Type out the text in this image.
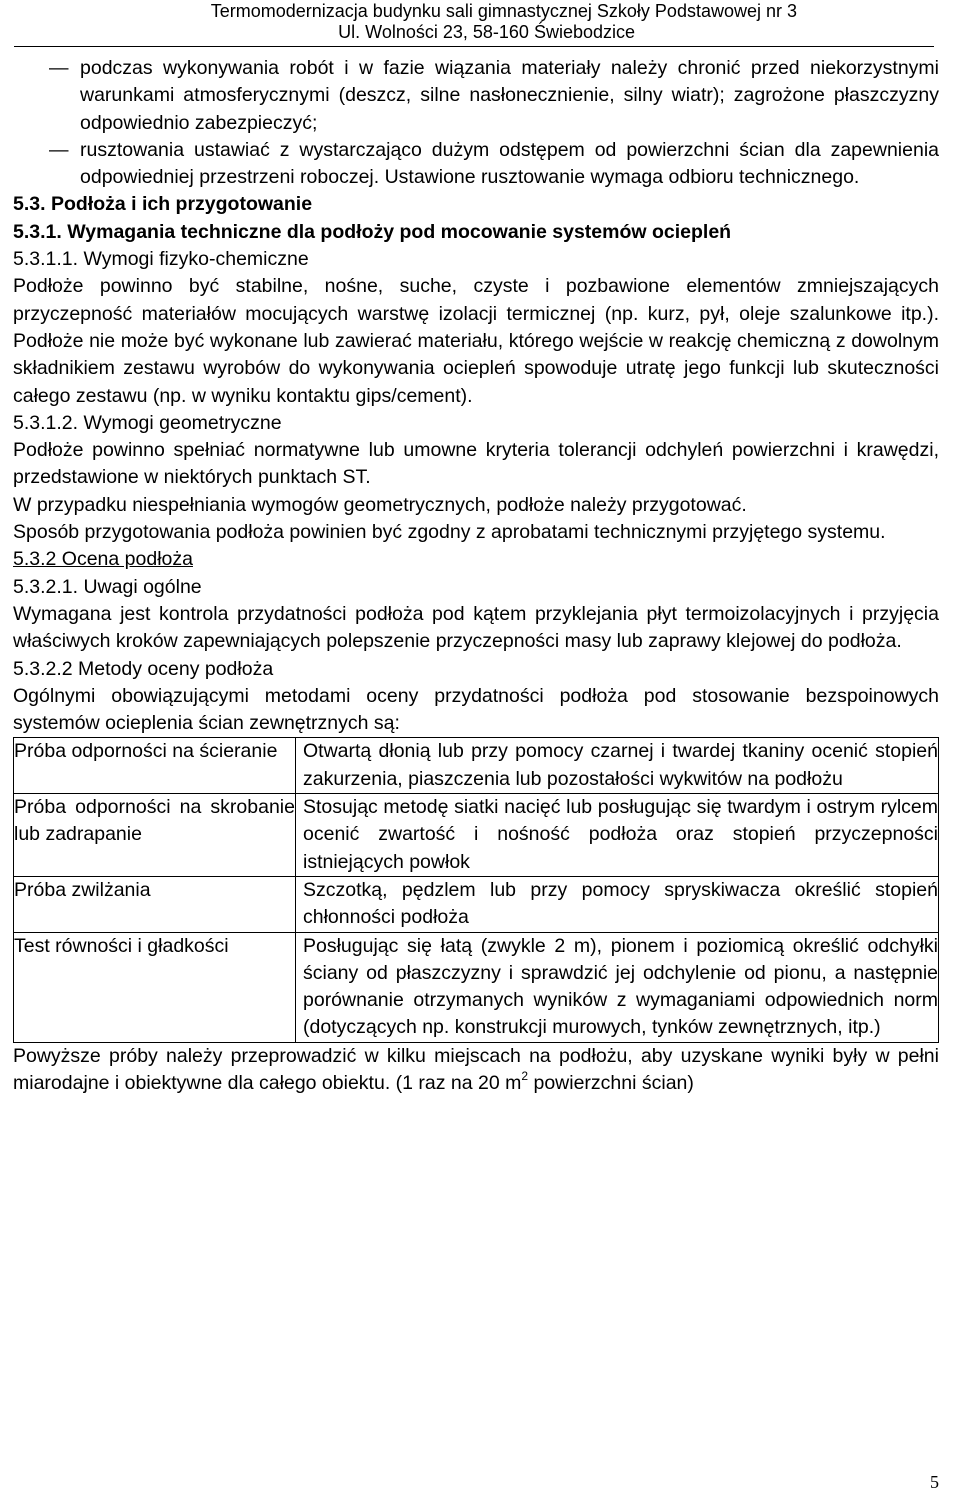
Termomodernizacja budynku sali gimnastycznej Szkoły Podstawowej nr 3
Ul. Wolności 23, 58-160 Świebodzice
— podczas wykonywania robót i w fazie wiązania materiały należy chronić przed niekorzystnymi warunkami atmosferycznymi (deszcz, silne nasłonecznienie, silny wiatr); zagrożone płaszczyzny odpowiednio zabezpieczyć;
— rusztowania ustawiać z wystarczająco dużym odstępem od powierzchni ścian dla zapewnienia odpowiedniej przestrzeni roboczej. Ustawione rusztowanie wymaga odbioru technicznego.

5.3. Podłoża i ich przygotowanie

5.3.1. Wymagania techniczne dla podłoży pod mocowanie systemów ociepleń

5.3.1.1. Wymogi fizyko-chemiczne

Podłoże powinno być stabilne, nośne, suche, czyste i pozbawione elementów zmniejszających przyczepność materiałów mocujących warstwę izolacji termicznej (np. kurz, pył, oleje szalunkowe itp.). Podłoże nie może być wykonane lub zawierać materiału, którego wejście w reakcję chemiczną z dowolnym składnikiem zestawu wyrobów do wykonywania ociepleń spowoduje utratę jego funkcji lub skuteczności całego zestawu (np. w wyniku kontaktu gips/cement).

5.3.1.2. Wymogi geometryczne

Podłoże powinno spełniać normatywne lub umowne kryteria tolerancji odchyleń powierzchni i krawędzi, przedstawione w niektórych punktach ST.

W przypadku niespełniania wymogów geometrycznych, podłoże należy przygotować.

Sposób przygotowania podłoża powinien być zgodny z aprobatami technicznymi przyjętego systemu.

5.3.2 Ocena podłoża

5.3.2.1. Uwagi ogólne

Wymagana jest kontrola przydatności podłoża pod kątem przyklejania płyt termoizolacyjnych i przyjęcia właściwych kroków zapewniających polepszenie przyczepności masy lub zaprawy klejowej do podłoża.

5.3.2.2 Metody oceny podłoża

Ogólnymi obowiązującymi metodami oceny przydatności podłoża pod stosowanie bezspoinowych systemów ocieplenia ścian zewnętrznych są:

Próba odporności na ścieranie	Otwartą dłonią lub przy pomocy czarnej i twardej tkaniny ocenić stopień zakurzenia, piaszczenia lub pozostałości wykwitów na podłożu
Próba odporności na skrobanie lub zadrapanie	Stosując metodę siatki nacięć lub posługując się twardym i ostrym rylcem ocenić zwartość i nośność podłoża oraz stopień przyczepności istniejących powłok
Próba zwilżania	Szczotką, pędzlem lub przy pomocy spryskiwacza określić stopień chłonności podłoża
Test równości i gładkości	Posługując się łatą (zwykle 2 m), pionem i poziomicą określić odchyłki ściany od płaszczyzny i sprawdzić jej odchylenie od pionu, a następnie porównanie otrzymanych wyników z wymaganiami odpowiednich norm (dotyczących np. konstrukcji murowych, tynków zewnętrznych, itp.)

Powyższe próby należy przeprowadzić w kilku miejscach na podłożu, aby uzyskane wyniki były w pełni miarodajne i obiektywne dla całego obiektu. (1 raz na 20 $m^2$ powierzchni ścian)

5
